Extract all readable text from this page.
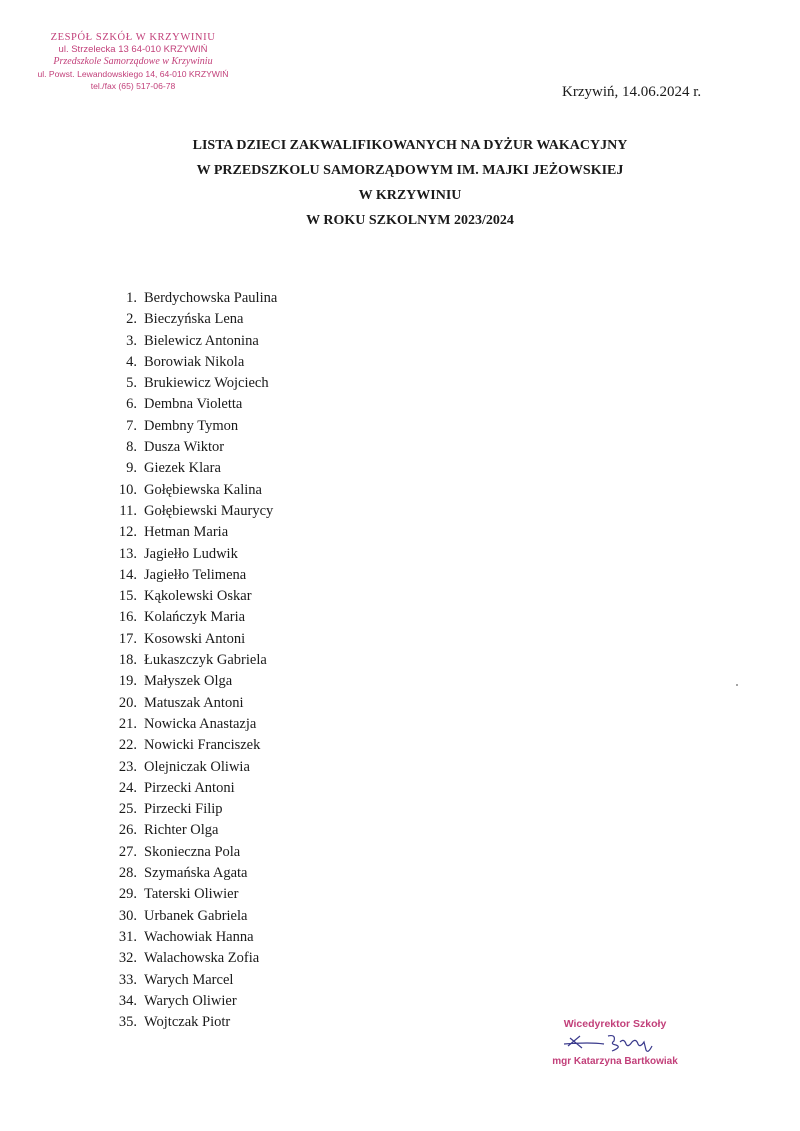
ZESPÓŁ SZKÓŁ W KRZYWINIU
ul. Strzelecka 13 64-010 KRZYWIŃ
Przedszkole Samorządowe w Krzywiniu
ul. Powst. Lewandowskiego 14, 64-010 KRZYWIŃ
tel./fax (65) 517-06-78	Krzywiń, 14.06.2024 r.
LISTA DZIECI ZAKWALIFIKOWANYCH NA DYŻUR WAKACYJNY
W PRZEDSZKOLU SAMORZĄDOWYM IM. MAJKI JEŻOWSKIEJ
W KRZYWINIU
W ROKU SZKOLNYM 2023/2024
1. Berdychowska Paulina
2. Bieczyńska Lena
3. Bielewicz Antonina
4. Borowiak Nikola
5. Brukiewicz Wojciech
6. Dembna Violetta
7. Dembny Tymon
8. Dusza Wiktor
9. Giezek Klara
10. Gołębiewska Kalina
11. Gołębiewski Maurycy
12. Hetman Maria
13. Jagiełło Ludwik
14. Jagiełło Telimena
15. Kąkolewski Oskar
16. Kolańczyk Maria
17. Kosowski Antoni
18. Łukaszczyk Gabriela
19. Małyszek Olga
20. Matuszak Antoni
21. Nowicka Anastazja
22. Nowicki Franciszek
23. Olejniczak Oliwia
24. Pirzecki Antoni
25. Pirzecki Filip
26. Richter Olga
27. Skonieczna Pola
28. Szymańska Agata
29. Taterski Oliwier
30. Urbanek Gabriela
31. Wachowiak Hanna
32. Walachowska Zofia
33. Warych Marcel
34. Warych Oliwier
35. Wojtczak Piotr	Wicedyrektor Szkoły
mgr Katarzyna Bartkowiak
